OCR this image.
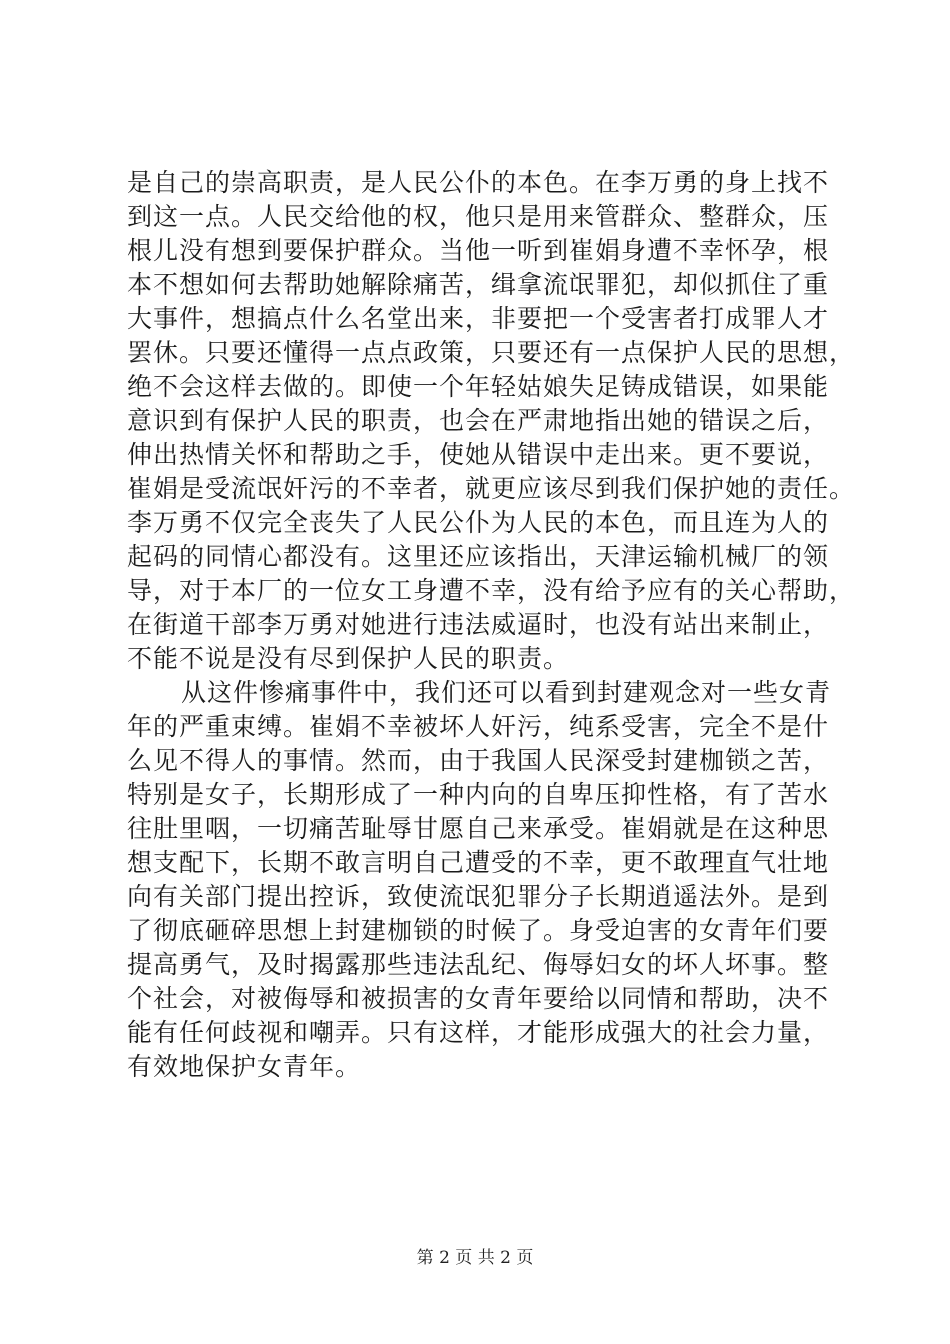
是自己的崇高职责，是人民公仆的本色。在李万勇的身上找不
到这一点。人民交给他的权，他只是用来管群众、整群众，压
根儿没有想到要保护群众。当他一听到崔娟身遭不幸怀孕，根
本不想如何去帮助她解除痛苦，缉拿流氓罪犯，却似抓住了重
大事件，想搞点什么名堂出来，非要把一个受害者打成罪人才
罢休。只要还懂得一点点政策，只要还有一点保护人民的思想，
绝不会这样去做的。即使一个年轻姑娘失足铸成错误，如果能
意识到有保护人民的职责，也会在严肃地指出她的错误之后，
伸出热情关怀和帮助之手，使她从错误中走出来。更不要说，
崔娟是受流氓奸污的不幸者，就更应该尽到我们保护她的责任。
李万勇不仅完全丧失了人民公仆为人民的本色，而且连为人的
起码的同情心都没有。这里还应该指出，天津运输机械厂的领
导，对于本厂的一位女工身遭不幸，没有给予应有的关心帮助，
在街道干部李万勇对她进行违法威逼时，也没有站出来制止，
不能不说是没有尽到保护人民的职责。
从这件惨痛事件中，我们还可以看到封建观念对一些女青
年的严重束缚。崔娟不幸被坏人奸污，纯系受害，完全不是什
么见不得人的事情。然而，由于我国人民深受封建枷锁之苦，
特别是女子，长期形成了一种内向的自卑压抑性格，有了苦水
往肚里咽，一切痛苦耻辱甘愿自己来承受。崔娟就是在这种思
想支配下，长期不敢言明自己遭受的不幸，更不敢理直气壮地
向有关部门提出控诉，致使流氓犯罪分子长期逍遥法外。是到
了彻底砸碎思想上封建枷锁的时候了。身受迫害的女青年们要
提高勇气，及时揭露那些违法乱纪、侮辱妇女的坏人坏事。整
个社会，对被侮辱和被损害的女青年要给以同情和帮助，决不
能有任何歧视和嘲弄。只有这样，才能形成强大的社会力量，
有效地保护女青年。
第 2 页 共 2 页
